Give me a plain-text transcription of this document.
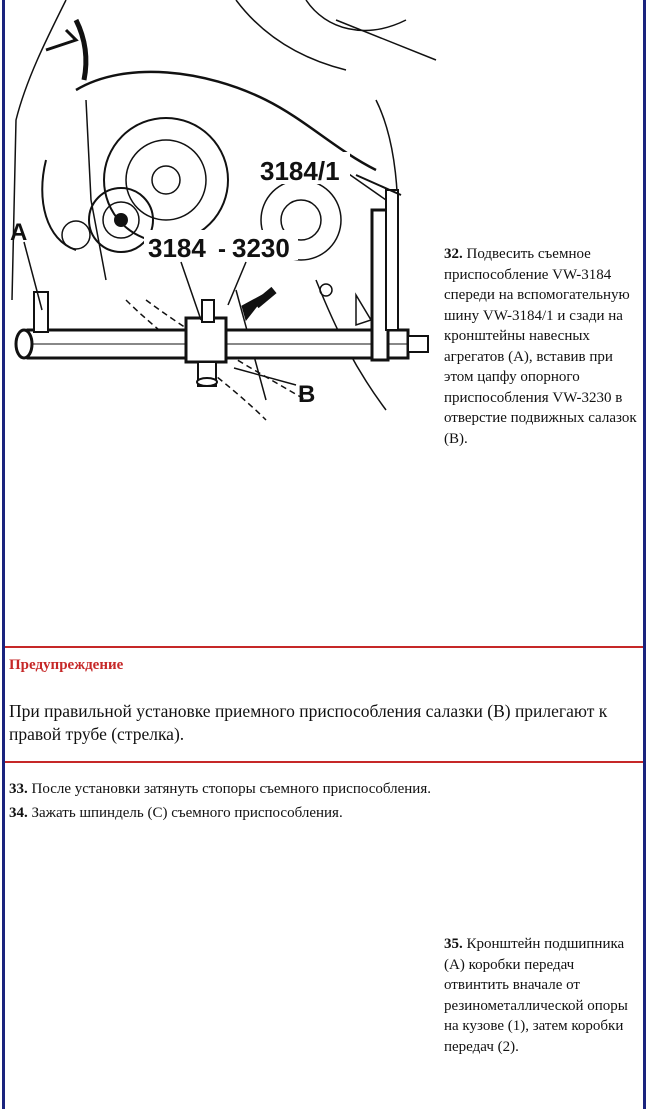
3184 3230
-
3184/1
A
B
32. Подвесить съемное приспособление VW-3184 спереди на вспомогательную шину VW-3184/1 и сзади на кронштейны навесных агрегатов (A), вставив при этом цапфу опорного приспособления VW-3230 в отверстие подвижных салазок (B).
Предупреждение
При правильной установке приемного приспособления салазки (B) прилегают к правой трубе (стрелка).
33. После установки затянуть стопоры съемного приспособления.
34. Зажать шпиндель (C) съемного приспособления.
35. Кронштейн подшипника (A) коробки передач отвинтить вначале от резинометаллической опоры на кузове (1), затем коробки передач (2).
